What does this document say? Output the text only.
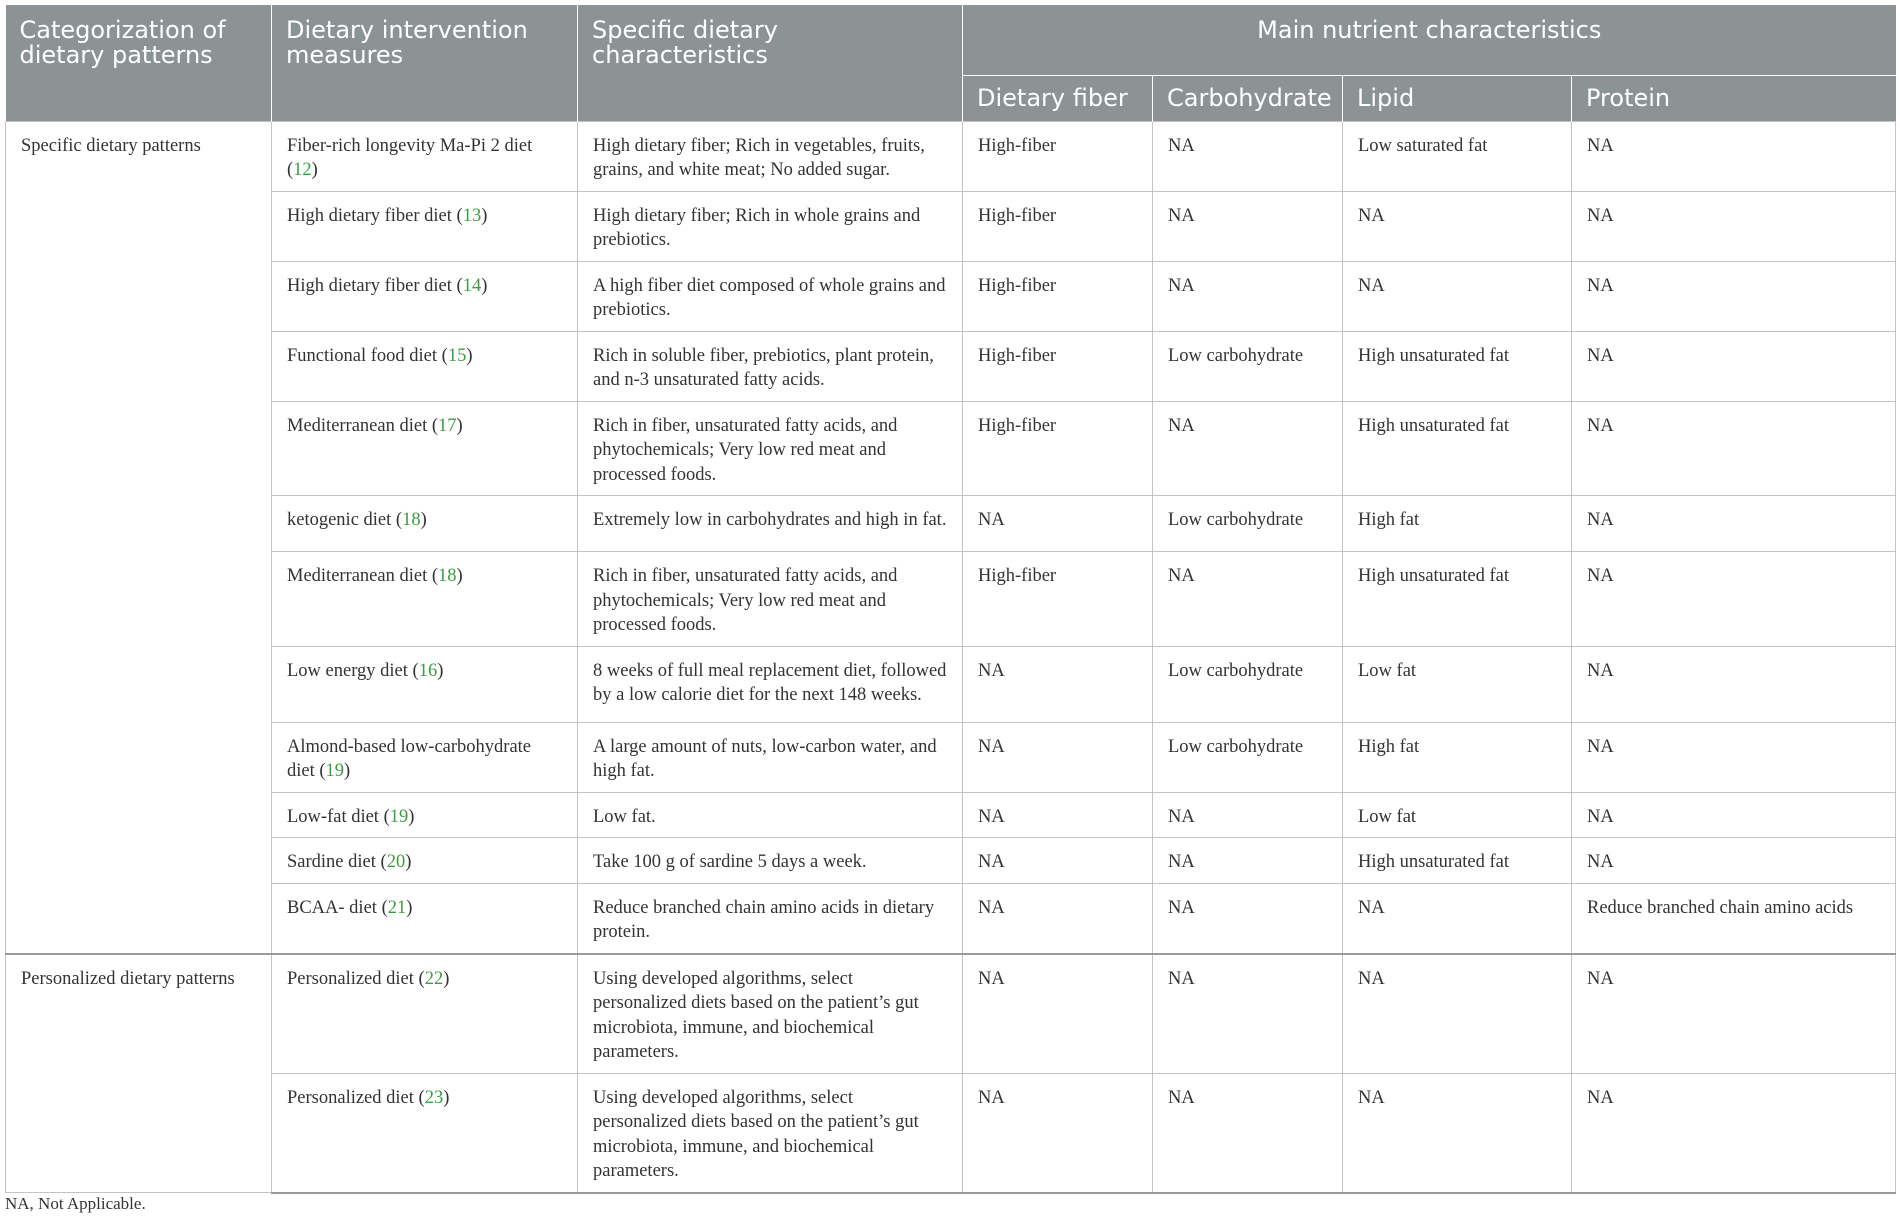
Categorization of dietary patterns	Dietary intervention measures	Specific dietary characteristics	Main nutrient characteristics			
			Dietary fiber	Carbohydrate	Lipid	Protein
Specific dietary patterns	Fiber-rich longevity Ma-Pi 2 diet (12)	High dietary fiber; Rich in vegetables, fruits, grains, and white meat; No added sugar.	High-fiber	NA	Low saturated fat	NA
	High dietary fiber diet (13)	High dietary fiber; Rich in whole grains and prebiotics.	High-fiber	NA	NA	NA
	High dietary fiber diet (14)	A high fiber diet composed of whole grains and prebiotics.	High-fiber	NA	NA	NA
	Functional food diet (15)	Rich in soluble fiber, prebiotics, plant protein, and n-3 unsaturated fatty acids.	High-fiber	Low carbohydrate	High unsaturated fat	NA
	Mediterranean diet (17)	Rich in fiber, unsaturated fatty acids, and phytochemicals; Very low red meat and processed foods.	High-fiber	NA	High unsaturated fat	NA
	ketogenic diet (18)	Extremely low in carbohydrates and high in fat.	NA	Low carbohydrate	High fat	NA
	Mediterranean diet (18)	Rich in fiber, unsaturated fatty acids, and phytochemicals; Very low red meat and processed foods.	High-fiber	NA	High unsaturated fat	NA
	Low energy diet (16)	8 weeks of full meal replacement diet, followed by a low calorie diet for the next 148 weeks.	NA	Low carbohydrate	Low fat	NA
	Almond-based low-carbohydrate diet (19)	A large amount of nuts, low-carbon water, and high fat.	NA	Low carbohydrate	High fat	NA
	Low-fat diet (19)	Low fat.	NA	NA	Low fat	NA
	Sardine diet (20)	Take 100 g of sardine 5 days a week.	NA	NA	High unsaturated fat	NA
	BCAA- diet (21)	Reduce branched chain amino acids in dietary protein.	NA	NA	NA	Reduce branched chain amino acids
Personalized dietary patterns	Personalized diet (22)	Using developed algorithms, select personalized diets based on the patient’s gut microbiota, immune, and biochemical parameters.	NA	NA	NA	NA
	Personalized diet (23)	Using developed algorithms, select personalized diets based on the patient’s gut microbiota, immune, and biochemical parameters.	NA	NA	NA	NA
NA, Not Applicable.
